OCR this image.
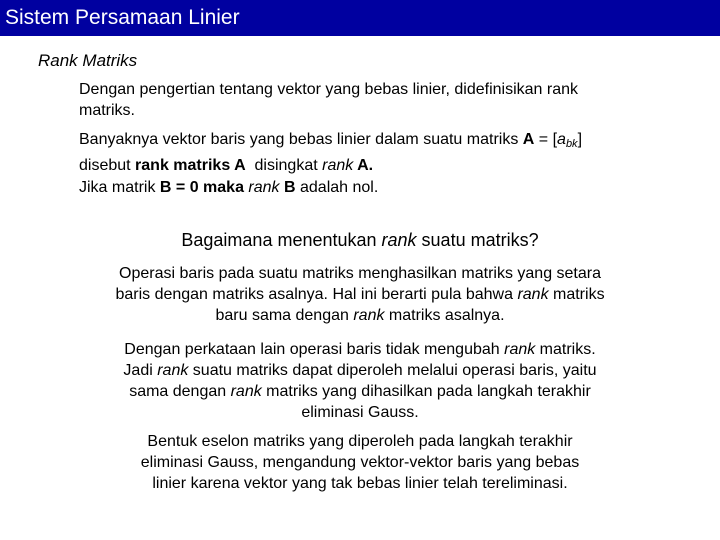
Sistem Persamaan Linier
Rank Matriks
Dengan pengertian tentang vektor yang bebas linier, didefinisikan rank
matriks.
Banyaknya vektor baris yang bebas linier dalam suatu matriks $A = [a_{bk}]$
disebut rank matriks A  disingkat rank A.
Jika matrik B = 0 maka rank B adalah nol.
Bagaimana menentukan rank suatu matriks?
Operasi baris pada suatu matriks menghasilkan matriks yang setara
baris dengan matriks asalnya. Hal ini berarti pula bahwa rank matriks
baru sama dengan rank matriks asalnya.
Dengan perkataan lain operasi baris tidak mengubah rank matriks.
Jadi rank suatu matriks dapat diperoleh melalui operasi baris, yaitu
sama dengan rank matriks yang dihasilkan pada langkah terakhir
eliminasi Gauss.
Bentuk eselon matriks yang diperoleh pada langkah terakhir
eliminasi Gauss, mengandung vektor-vektor baris yang bebas
linier karena vektor yang tak bebas linier telah tereliminasi.
